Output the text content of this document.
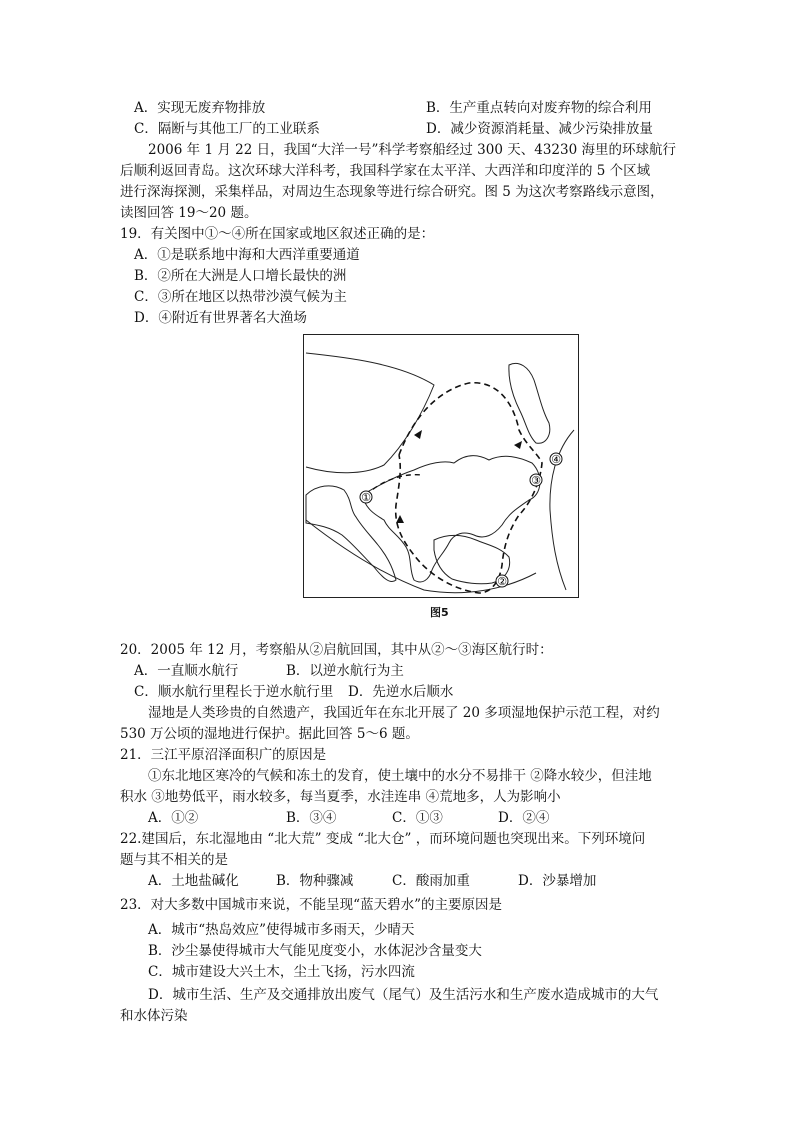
A．实现无废弃物排放	B．生产重点转向对废弃物的综合利用
C．隔断与其他工厂的工业联系	D．减少资源消耗量、减少污染排放量
2006 年 1 月 22 日，我国“大洋一号”科学考察船经过 300 天、43230 海里的环球航行
后顺利返回青岛。这次环球大洋科考，我国科学家在太平洋、大西洋和印度洋的 5 个区域
进行深海探测，采集样品，对周边生态现象等进行综合研究。图 5 为这次考察路线示意图，
读图回答 19～20 题。
19．有关图中①～④所在国家或地区叙述正确的是：
A．①是联系地中海和大西洋重要通道
B．②所在大洲是人口增长最快的洲
C．③所在地区以热带沙漠气候为主
D．④附近有世界著名大渔场
①
②
③
④
图5
20．2005 年 12 月，考察船从②启航回国，其中从②～③海区航行时：
A．一直顺水航行	B．以逆水航行为主
C．顺水航行里程长于逆水航行里 D．先逆水后顺水
湿地是人类珍贵的自然遗产，我国近年在东北开展了 20 多项湿地保护示范工程，对约
530 万公顷的湿地进行保护。据此回答 5～6 题。
21．三江平原沼泽面积广的原因是
①东北地区寒冷的气候和冻土的发育，使土壤中的水分不易排干 ②降水较少，但洼地
积水 ③地势低平，雨水较多，每当夏季，水洼连串 ④荒地多，人为影响小
A．①②	B．③④	C．①③	D．②④
22.建国后，东北湿地由 “北大荒” 变成 “北大仓” ，而环境问题也突现出来。下列环境问
题与其不相关的是
A．土地盐碱化	B．物种骤减	C．酸雨加重	D．沙暴增加
23．对大多数中国城市来说，不能呈现“蓝天碧水”的主要原因是
A．城市“热岛效应”使得城市多雨天，少晴天
B．沙尘暴使得城市大气能见度变小，水体泥沙含量变大
C．城市建设大兴土木，尘土飞扬，污水四流
D．城市生活、生产及交通排放出废气（尾气）及生活污水和生产废水造成城市的大气
和水体污染
